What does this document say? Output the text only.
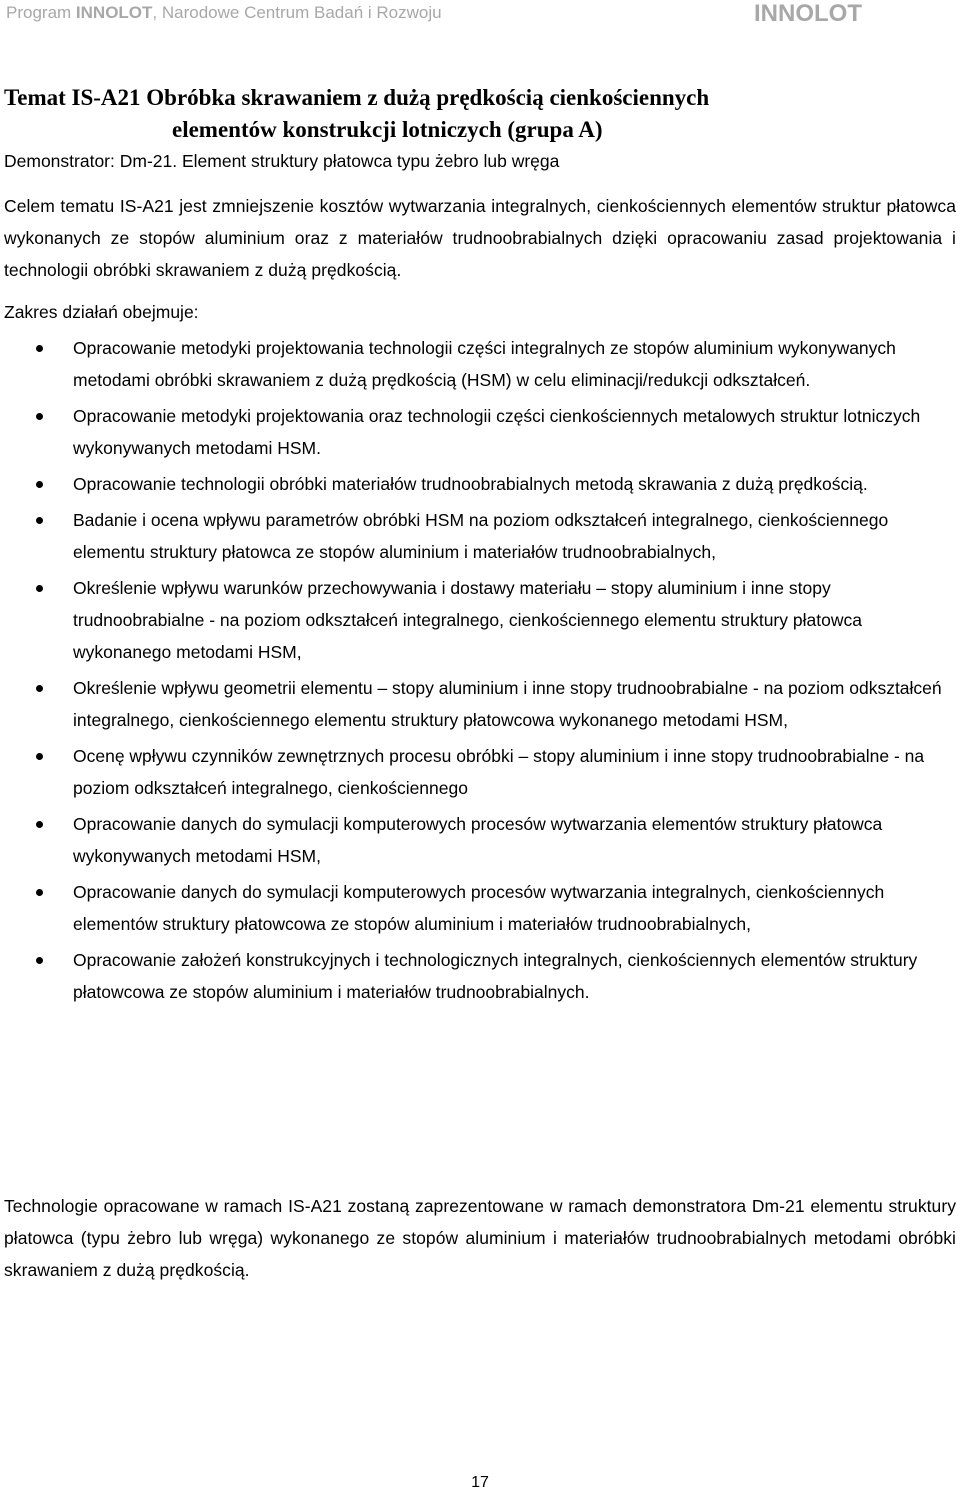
Program INNOLOT, Narodowe Centrum Badań i Rozwoju	INNOLOT
Temat IS-A21 Obróbka skrawaniem z dużą prędkością cienkościennych
elementów konstrukcji lotniczych (grupa A)
Demonstrator: Dm-21. Element struktury płatowca typu żebro lub wręga
Celem tematu IS-A21 jest zmniejszenie kosztów wytwarzania integralnych, cienkościennych elementów struktur płatowca wykonanych ze stopów aluminium oraz z materiałów trudnoobrabialnych dzięki opracowaniu zasad projektowania i technologii obróbki skrawaniem z dużą prędkością.
Zakres działań obejmuje:
Opracowanie metodyki projektowania technologii części integralnych ze stopów aluminium wykonywanych metodami obróbki skrawaniem z dużą prędkością (HSM) w celu eliminacji/redukcji odkształceń.
Opracowanie metodyki projektowania oraz technologii części cienkościennych metalowych struktur lotniczych wykonywanych metodami HSM.
Opracowanie technologii obróbki materiałów trudnoobrabialnych metodą skrawania z dużą prędkością.
Badanie i ocena wpływu parametrów obróbki HSM na poziom odkształceń integralnego, cienkościennego elementu struktury płatowca ze stopów aluminium i materiałów trudnoobrabialnych,
Określenie wpływu warunków przechowywania i dostawy materiału – stopy aluminium i inne stopy trudnoobrabialne - na poziom odkształceń integralnego, cienkościennego elementu struktury płatowca wykonanego metodami HSM,
Określenie wpływu geometrii elementu – stopy aluminium i inne stopy trudnoobrabialne - na poziom odkształceń integralnego, cienkościennego elementu struktury płatowcowa wykonanego metodami HSM,
Ocenę wpływu czynników zewnętrznych procesu obróbki – stopy aluminium i inne stopy trudnoobrabialne - na poziom odkształceń integralnego, cienkościennego
Opracowanie danych do symulacji komputerowych procesów wytwarzania elementów struktury płatowca wykonywanych metodami HSM,
Opracowanie danych do symulacji komputerowych procesów wytwarzania integralnych, cienkościennych elementów struktury płatowcowa ze stopów aluminium i materiałów trudnoobrabialnych,
Opracowanie założeń konstrukcyjnych i technologicznych integralnych, cienkościennych elementów struktury płatowcowa ze stopów aluminium i materiałów trudnoobrabialnych.
Technologie opracowane w ramach IS-A21 zostaną zaprezentowane w ramach demonstratora Dm-21 elementu struktury płatowca (typu żebro lub wręga) wykonanego ze stopów aluminium i materiałów trudnoobrabialnych metodami obróbki skrawaniem z dużą prędkością.
17
